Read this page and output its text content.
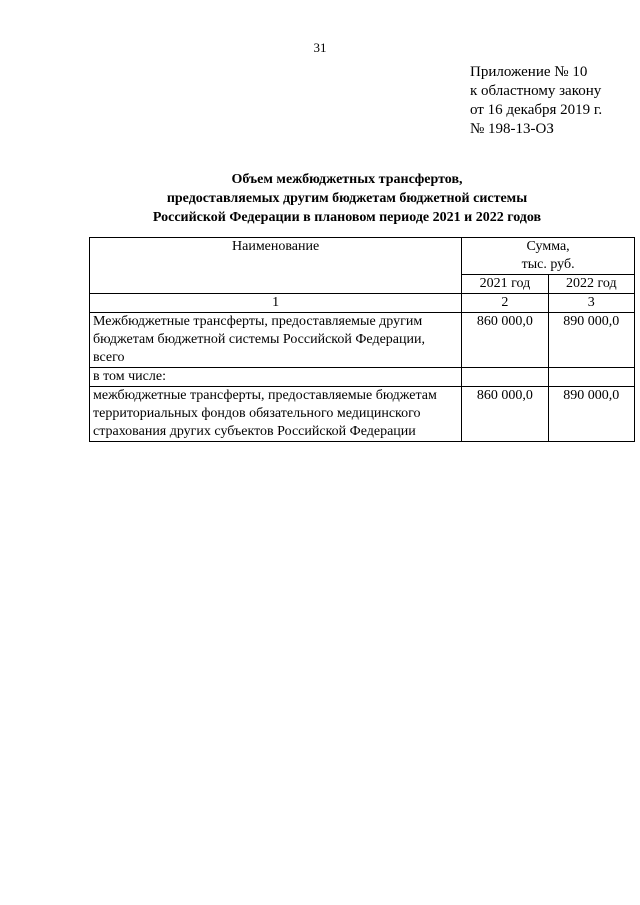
31
Приложение № 10
к областному закону
от 16 декабря 2019 г.
№ 198-13-ОЗ
Объем межбюджетных трансфертов,
предоставляемых другим бюджетам бюджетной системы
Российской Федерации в плановом периоде 2021 и 2022 годов
Наименование	Сумма,
тыс. руб.	

	2021 год	2022 год
1	2	3
Межбюджетные трансферты, предоставляемые другим бюджетам бюджетной системы Российской Федерации, всего	860 000,0	890 000,0
в том числе:		
межбюджетные трансферты, предоставляемые бюджетам территориальных фондов обязательного медицинского страхования других субъектов Российской Федерации	860 000,0	890 000,0
